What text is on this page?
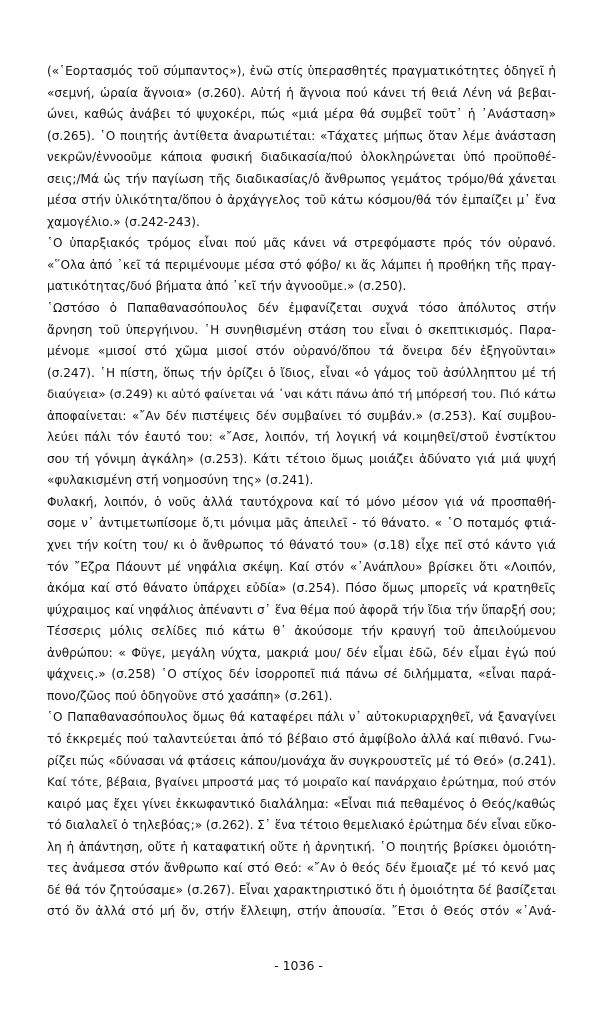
(«῾Εορτασμός τοῦ σύμπαντος»), ἐνῶ στίς ὑπερασθητές πραγματικότητες ὁδηγεῖ ἡ
«σεμνή, ὡραία ἄγνοια» (σ.260). Αὐτή ἡ ἄγνοια πού κάνει τή θειά Λένη νά βεβαι-
ώνει, καθώς ἀνάβει τό ψυχοκέρι, πώς «μιά μέρα θά συμβεῖ τοῦτ᾿ ἡ ᾿Ανάσταση»
(σ.265). ῾Ο ποιητής ἀντίθετα ἀναρωτιέται: «Τάχατες μήπως ὅταν λέμε ἀνάσταση
νεκρῶν/ἐννοοῦμε κάποια φυσική διαδικασία/πού ὁλοκληρώνεται ὑπό προϋποθέ-
σεις;/Μά ὡς τήν παγίωση τῆς διαδικασίας/ὁ ἄνθρωπος γεμάτος τρόμο/θά χάνεται
μέσα στήν ὑλικότητα/ὅπου ὁ ἀρχάγγελος τοῦ κάτω κόσμου/θά τόν ἐμπαίζει μ᾿ ἕνα
χαμογέλιο.» (σ.242-243).
῾Ο ὑπαρξιακός τρόμος εἶναι πού μᾶς κάνει νά στρεφόμαστε πρός τόν οὐρανό.
«῞Ολα ἀπό ᾿κεῖ τά περιμένουμε μέσα στό φόβο/ κι ἅς λάμπει ἡ προθήκη τῆς πραγ-
ματικότητας/δυό βήματα ἀπό ᾿κεῖ τήν ἀγνοοῦμε.» (σ.250).
῾Ωστόσο ὁ Παπαθανασόπουλος δέν ἐμφανίζεται συχνά τόσο ἀπόλυτος στήν
ἄρνηση τοῦ ὑπεργήινου. ῾Η συνηθισμένη στάση του εἶναι ὁ σκεπτικισμός. Παρα-
μένομε «μισοί στό χῶμα μισοί στόν οὐρανό/ὅπου τά ὄνειρα δέν ἐξηγοῦνται»
(σ.247). ῾Η πίστη, ὅπως τήν ὁρίζει ὁ ἴδιος, εἶναι «ὁ γάμος τοῦ ἀσύλληπτου μέ τή
διαύγεια» (σ.249) κι αὐτό φαίνεται νά ᾿ναι κάτι πάνω ἀπό τή μπόρεσή του. Πιό κάτω
ἀποφαίνεται: «῎Αν δέν πιστέψεις δέν συμβαίνει τό συμβάν.» (σ.253). Καί συμβου-
λεύει πάλι τόν ἑαυτό του: «῎Ασε, λοιπόν, τή λογική νά κοιμηθεῖ/στοῦ ἐνστίκτου
σου τή γόνιμη ἀγκάλη» (σ.253). Κάτι τέτοιο ὅμως μοιάζει ἀδύνατο γιά μιά ψυχή
«φυλακισμένη στή νοημοσύνη της» (σ.241).
Φυλακή, λοιπόν, ὁ νοῦς ἀλλά ταυτόχρονα καί τό μόνο μέσον γιά νά προσπαθή-
σομε ν᾿ ἀντιμετωπίσομε ὅ,τι μόνιμα μᾶς ἀπειλεῖ - τό θάνατο. « ῾Ο ποταμός φτιά-
χνει τήν κοίτη του/ κι ὁ ἄνθρωπος τό θάνατό του» (σ.18) εἶχε πεῖ στό κάντο γιά
τόν ῎Εζρα Πάουντ μέ νηφάλια σκέψη. Καί στόν «᾿Ανάπλου» βρίσκει ὅτι «Λοιπόν,
ἀκόμα καί στό θάνατο ὑπάρχει εὐδία» (σ.254). Πόσο ὅμως μπορεῖς νά κρατηθεῖς
ψύχραιμος καί νηφάλιος ἀπέναντι σ᾿ ἕνα θέμα πού ἀφορᾶ τήν ἴδια τήν ὕπαρξή σου;
Τέσσερις μόλις σελίδες πιό κάτω θ᾿ ἀκούσομε τήν κραυγή τοῦ ἀπειλούμενου
ἀνθρώπου: « Φῦγε, μεγάλη νύχτα, μακριά μου/ δέν εἶμαι ἐδῶ, δέν εἶμαι ἐγώ πού
ψάχνεις.» (σ.258) ῾Ο στίχος δέν ἰσορροπεῖ πιά πάνω σέ διλήμματα, «εἶναι παρά-
πονο/ζῶος πού ὁδηγοῦνε στό χασάπη» (σ.261).
῾Ο Παπαθανασόπουλος ὅμως θά καταφέρει πάλι ν᾿ αὐτοκυριαρχηθεῖ, νά ξαναγίνει
τό ἐκκρεμές πού ταλαντεύεται ἀπό τό βέβαιο στό ἀμφίβολο ἀλλά καί πιθανό. Γνω-
ρίζει πώς «δύνασαι νά φτάσεις κάπου/μονάχα ἄν συγκρουστεῖς μέ τό Θεό» (σ.241).
Καί τότε, βέβαια, βγαίνει μπροστά μας τό μοιραῖο καί πανάρχαιο ἐρώτημα, πού στόν
καιρό μας ἔχει γίνει ἐκκωφαντικό διαλάλημα: «Εἶναι πιά πεθαμένος ὁ Θεός/καθώς
τό διαλαλεῖ ὁ τηλεβόας;» (σ.262). Σ᾿ ἕνα τέτοιο θεμελιακό ἐρώτημα δέν εἶναι εὔκο-
λη ἡ ἀπάντηση, οὔτε ἡ καταφατική οὔτε ἡ ἀρνητική. ῾Ο ποιητής βρίσκει ὁμοιότη-
τες ἀνάμεσα στόν ἄνθρωπο καί στό Θεό: «῎Αν ὁ θεός δέν ἔμοιαζε μέ τό κενό μας
δέ θά τόν ζητούσαμε» (σ.267). Εἶναι χαρακτηριστικό ὅτι ἡ ὁμοιότητα δέ βασίζεται
στό ὄν ἀλλά στό μή ὄν, στήν ἔλλειψη, στήν ἀπουσία. ῎Ετσι ὁ Θεός στόν «᾿Ανά-
- 1036 -
